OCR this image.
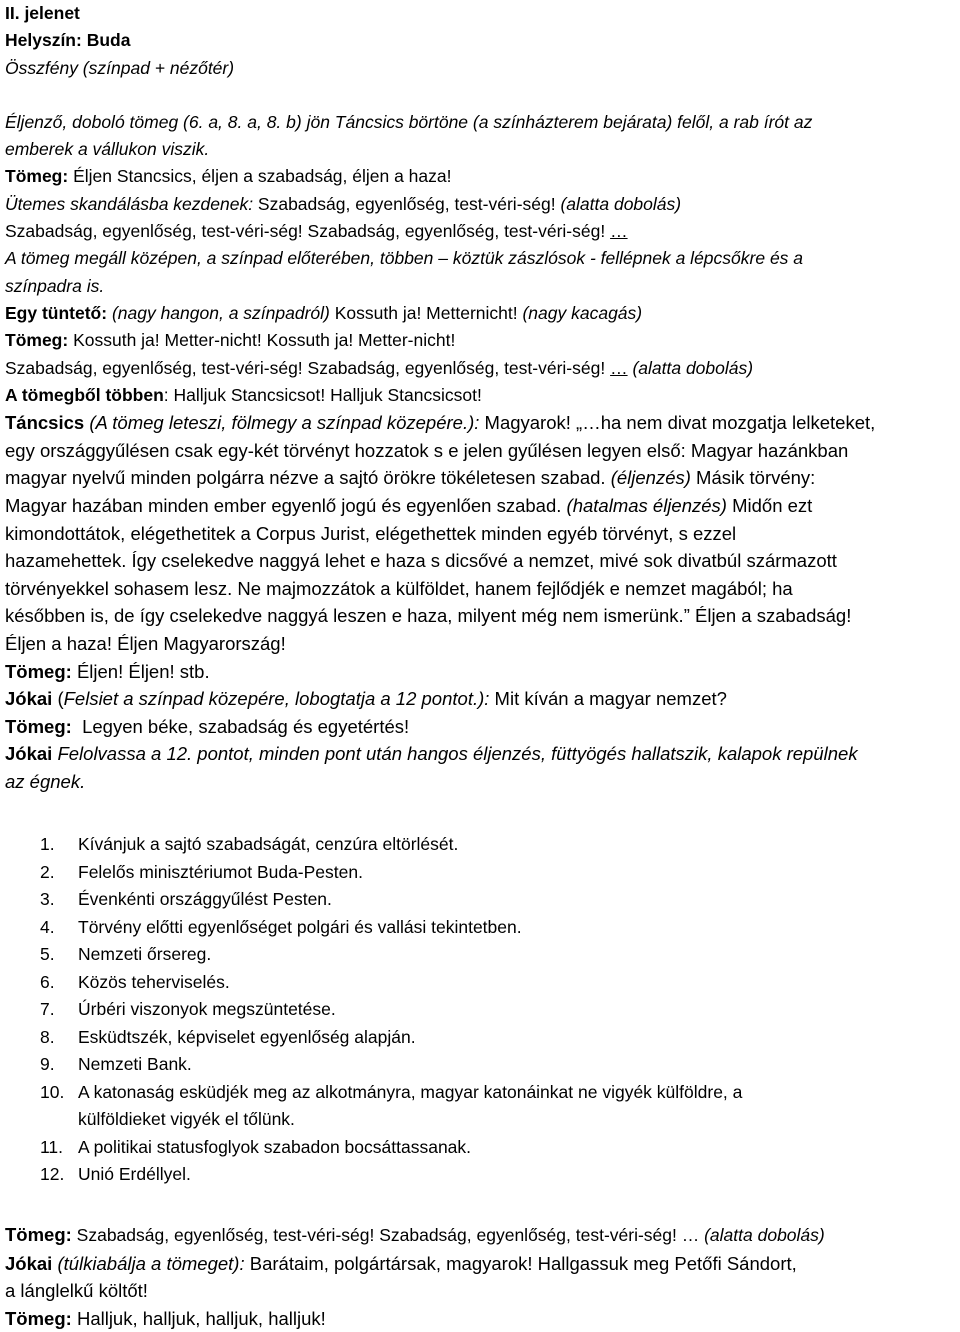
II. jelenet
Helyszín: Buda
Összfény (színpad + nézőtér)
Éljenző, doboló tömeg (6. a, 8. a, 8. b) jön Táncsics börtöne (a színházterem bejárata) felől, a rab írót az
emberek a vállukon viszik.
Tömeg: Éljen Stancsics, éljen a szabadság, éljen a haza!
Ütemes skandálásba kezdenek: Szabadság, egyenlőség, test-véri-ség! (alatta dobolás)
Szabadság, egyenlőség, test-véri-ség! Szabadság, egyenlőség, test-véri-ség! …
A tömeg megáll középen, a színpad előterében, többen – köztük zászlósok - fellépnek a lépcsőkre és a
színpadra is.
Egy tüntető: (nagy hangon, a színpadról) Kossuth ja! Metternicht! (nagy kacagás)
Tömeg: Kossuth ja! Metter-nicht! Kossuth ja! Metter-nicht!
Szabadság, egyenlőség, test-véri-ség! Szabadság, egyenlőség, test-véri-ség! … (alatta dobolás)
A tömegből többen: Halljuk Stancsicsot! Halljuk Stancsicsot!
Táncsics (A tömeg leteszi, fölmegy a színpad közepére.): Magyarok! „…ha nem divat mozgatja lelketeket,
egy országgyűlésen csak egy-két törvényt hozzatok s e jelen gyűlésen legyen első: Magyar hazánkban
magyar nyelvű minden polgárra nézve a sajtó örökre tökéletesen szabad. (éljenzés) Másik törvény:
Magyar hazában minden ember egyenlő jogú és egyenlően szabad. (hatalmas éljenzés) Midőn ezt
kimondottátok, elégethetitek a Corpus Jurist, elégethettek minden egyéb törvényt, s ezzel
hazamehettek. Így cselekedve naggyá lehet e haza s dicsővé a nemzet, mivé sok divatbúl származott
törvényekkel sohasem lesz. Ne majmozzátok a külföldet, hanem fejlődjék e nemzet magából; ha
későbben is, de így cselekedve naggyá leszen e haza, milyent még nem ismerünk.” Éljen a szabadság!
Éljen a haza! Éljen Magyarország!
Tömeg: Éljen! Éljen! stb.
Jókai (Felsiet a színpad közepére, lobogtatja a 12 pontot.): Mit kíván a magyar nemzet?
Tömeg:  Legyen béke, szabadság és egyetértés!
Jókai Felolvassa a 12. pontot, minden pont után hangos éljenzés, füttyögés hallatszik, kalapok repülnek
az égnek.
1. Kívánjuk a sajtó szabadságát, cenzúra eltörlését.
2. Felelős minisztériumot Buda-Pesten.
3. Évenkénti országgyűlést Pesten.
4. Törvény előtti egyenlőséget polgári és vallási tekintetben.
5. Nemzeti őrsereg.
6. Közös teherviselés.
7. Úrbéri viszonyok megszüntetése.
8. Esküdtszék, képviselet egyenlőség alapján.
9. Nemzeti Bank.
10. A katonaság esküdjék meg az alkotmányra, magyar katonáinkat ne vigyék külföldre, a
külföldieket vigyék el tőlünk.
11. A politikai statusfoglyok szabadon bocsáttassanak.
12. Unió Erdéllyel.
Tömeg: Szabadság, egyenlőség, test-véri-ség! Szabadság, egyenlőség, test-véri-ség! … (alatta dobolás)
Jókai (túlkiabálja a tömeget): Barátaim, polgártársak, magyarok! Hallgassuk meg Petőfi Sándort,
a lánglelkű költőt!
Tömeg: Halljuk, halljuk, halljuk, halljuk!
